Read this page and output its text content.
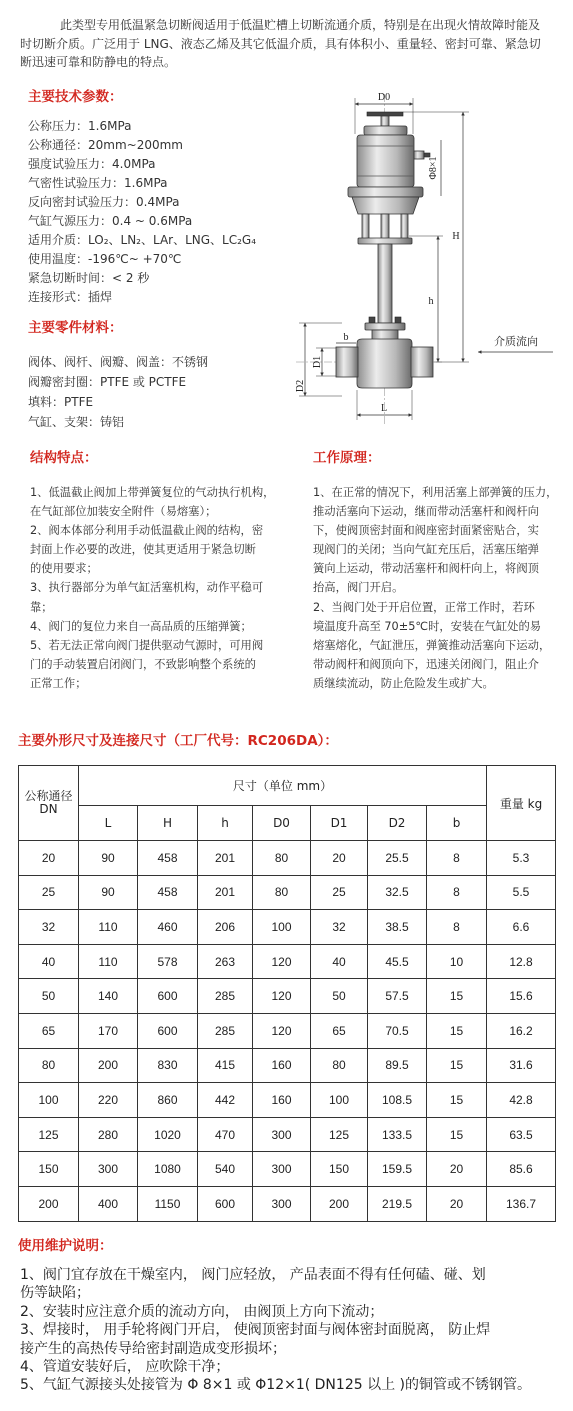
此类型专用低温紧急切断阀适用于低温贮槽上切断流通介质，特别是在出现火情故障时能及
时切断介质。广泛用于 LNG、液态乙烯及其它低温介质，具有体积小、重量轻、密封可靠、紧急切
断迅速可靠和防静电的特点。
主要技术参数：
公称压力：1.6MPa
公称通径：20mm~200mm
强度试验压力：4.0MPa
气密性试验压力：1.6MPa
反向密封试验压力：0.4MPa
气缸气源压力：0.4 ~ 0.6MPa
适用介质：LO₂、LN₂、LAr、LNG、LC₂G₄
使用温度：-196℃~ +70℃
紧急切断时间：< 2 秒
连接形式：插焊
主要零件材料：
阀体、阀杆、阀瓣、阀盖：不锈钢
阀瓣密封圈：PTFE 或 PCTFE
填料：PTFE
气缸、支架：铸铝
D0
Φ8×1
H
h
介质流向
D1
D2
L
b
结构特点：
1、低温截止阀加上带弹簧复位的气动执行机构，
在气缸部位加装安全附件（易熔塞）；
2、阀本体部分利用手动低温截止阀的结构，密
封面上作必要的改进，使其更适用于紧急切断
的使用要求；
3、执行器部分为单气缸活塞机构，动作平稳可
靠；
4、阀门的复位力来自一高品质的压缩弹簧；
5、若无法正常向阀门提供驱动气源时，可用阀
门的手动装置启闭阀门，不致影响整个系统的
正常工作；
工作原理：
1、在正常的情况下，利用活塞上部弹簧的压力，
推动活塞向下运动，继而带动活塞杆和阀杆向
下，使阀顶密封面和阀座密封面紧密贴合，实
现阀门的关闭；当向气缸充压后，活塞压缩弹
簧向上运动，带动活塞杆和阀杆向上，将阀顶
抬高，阀门开启。
2、当阀门处于开启位置，正常工作时，若环
境温度升高至 70±5℃时，安装在气缸处的易
熔塞熔化，气缸泄压，弹簧推动活塞向下运动，
带动阀杆和阀顶向下，迅速关闭阀门，阻止介
质继续流动，防止危险发生或扩大。
主要外形尺寸及连接尺寸（工厂代号：RC206DA）：
公称通径
DN	尺寸（单位 mm）							重量 kg
	L	H	h	D0	D1	D2	b	
20	90	458	201	80	20	25.5	8	5.3
25	90	458	201	80	25	32.5	8	5.5
32	110	460	206	100	32	38.5	8	6.6
40	110	578	263	120	40	45.5	10	12.8
50	140	600	285	120	50	57.5	15	15.6
65	170	600	285	120	65	70.5	15	16.2
80	200	830	415	160	80	89.5	15	31.6
100	220	860	442	160	100	108.5	15	42.8
125	280	1020	470	300	125	133.5	15	63.5
150	300	1080	540	300	150	159.5	20	85.6
200	400	1150	600	300	200	219.5	20	136.7
使用维护说明：
1、阀门宜存放在干燥室内， 阀门应轻放， 产品表面不得有任何磕、碰、划
伤等缺陷；
2、安装时应注意介质的流动方向， 由阀顶上方向下流动；
3、焊接时， 用手轮将阀门开启， 使阀顶密封面与阀体密封面脱离， 防止焊
接产生的高热传导给密封副造成变形损坏；
4、管道安装好后， 应吹除干净；
5、气缸气源接头处接管为 Φ 8×1 或 Φ12×1( DN125 以上 )的铜管或不锈钢管。
